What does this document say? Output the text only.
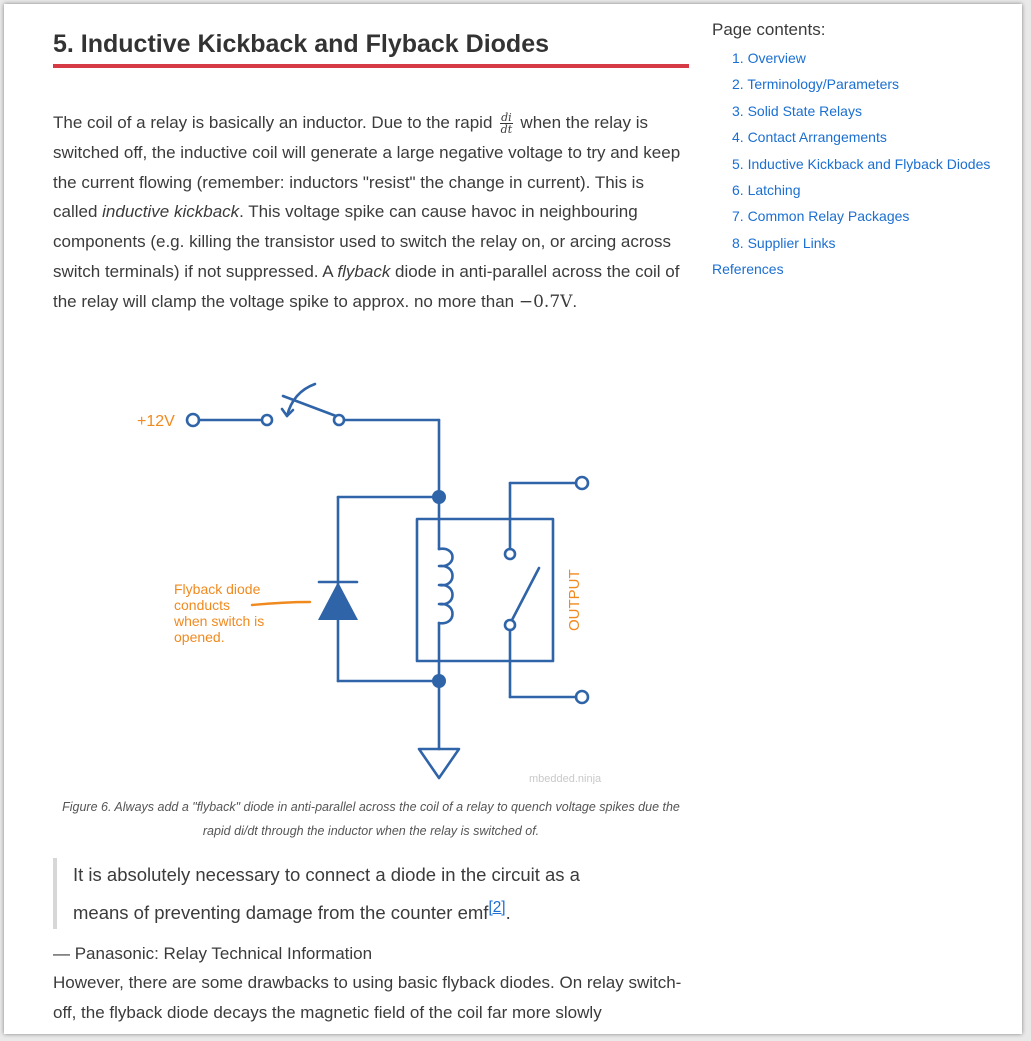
5. Inductive Kickback and Flyback Diodes

The coil of a relay is basically an inductor. Due to the rapid $\frac{di}{dt}$ when the relay is switched off, the inductive coil will generate a large negative voltage to try and keep the current flowing (remember: inductors "resist" the change in current). This is called inductive kickback. This voltage spike can cause havoc in neighbouring components (e.g. killing the transistor used to switch the relay on, or arcing across switch terminals) if not suppressed. A flyback diode in anti-parallel across the coil of the relay will clamp the voltage spike to approx. no more than −0.7V.

+12V
Flyback diode
conducts
when switch is
opened.
OUTPUT
mbedded.ninja
Figure 6. Always add a "flyback" diode in anti-parallel across the coil of a relay to quench voltage spikes due the rapid di/dt through the inductor when the relay is switched of.
— Panasonic: Relay Technical Information

However, there are some drawbacks to using basic flyback diodes. On relay switch-off, the flyback diode decays the magnetic field of the coil far more slowly

It is absolutely necessary to connect a diode in the circuit as a means of preventing damage from the counter emf[2].
Page contents:
1. Overview
2. Terminology/Parameters
3. Solid State Relays
4. Contact Arrangements
5. Inductive Kickback and Flyback Diodes
6. Latching
7. Common Relay Packages
8. Supplier Links
References
